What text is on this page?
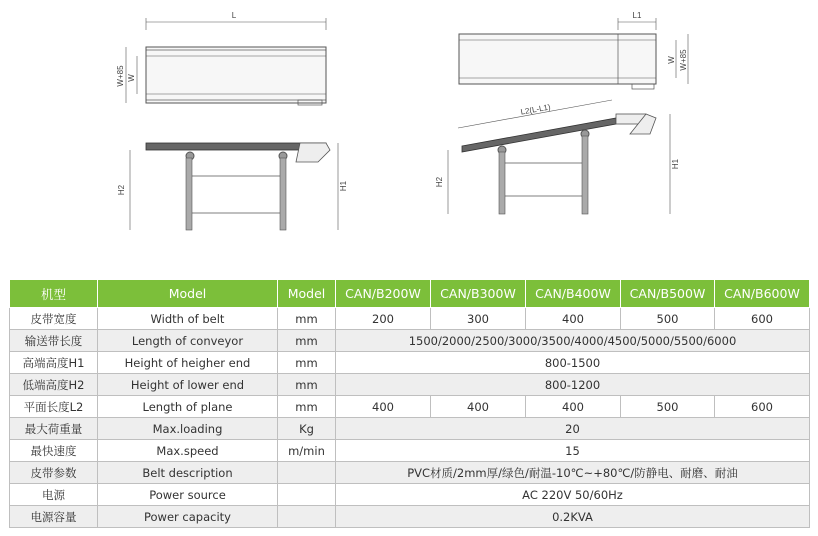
L
W
W+85
H2	H1
L1
W W+85
L2(L-L1)
H2
H1
机型	Model	Model	CAN/B200W	CAN/B300W	CAN/B400W	CAN/B500W	CAN/B600W
皮带宽度	Width of belt	mm	200	300	400	500	600
输送带长度	Length of conveyor	mm	1500/2000/2500/3000/3500/4000/4500/5000/5500/6000				
高端高度H1	Height of heigher end	mm	800-1500				
低端高度H2	Height of lower end	mm	800-1200				
平面长度L2	Length of plane	mm	400	400	400	500	600
最大荷重量	Max.loading	Kg	20				
最快速度	Max.speed	m/min	15				
皮带参数	Belt description		PVC材质/2mm厚/绿色/耐温-10℃~+80℃/防静电、耐磨、耐油				
电源	Power source		AC 220V 50/60Hz				
电源容量	Power capacity		0.2KVA				
